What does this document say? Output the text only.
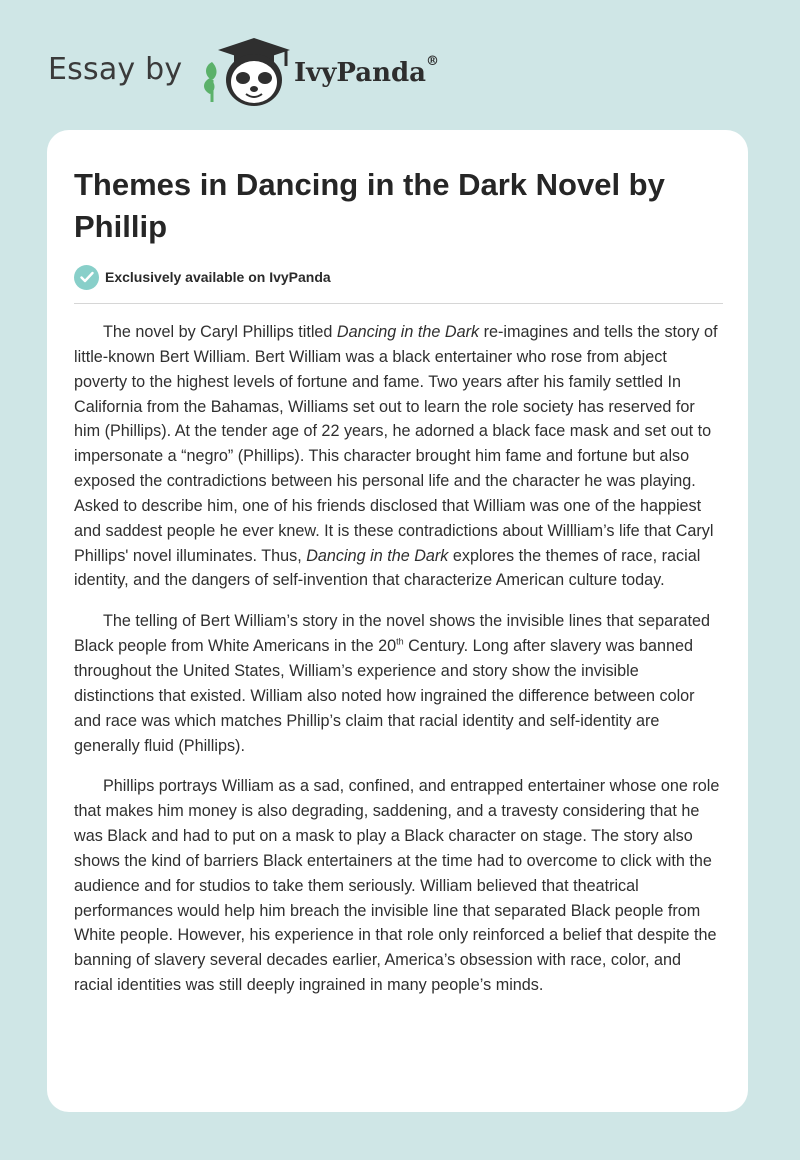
Essay by	IvyPanda®
Themes in Dancing in the Dark Novel by Phillip
Exclusively available on IvyPanda

The novel by Caryl Phillips titled Dancing in the Dark re-imagines and tells the story of little-known Bert William. Bert William was a black entertainer who rose from abject poverty to the highest levels of fortune and fame. Two years after his family settled In California from the Bahamas, Williams set out to learn the role society has reserved for him (Phillips). At the tender age of 22 years, he adorned a black face mask and set out to impersonate a “negro” (Phillips). This character brought him fame and fortune but also exposed the contradictions between his personal life and the character he was playing. Asked to describe him, one of his friends disclosed that William was one of the happiest and saddest people he ever knew. It is these contradictions about Willliam’s life that Caryl Phillips' novel illuminates. Thus, Dancing in the Dark explores the themes of race, racial identity, and the dangers of self-invention that characterize American culture today.

The telling of Bert William’s story in the novel shows the invisible lines that separated Black people from White Americans in the 20th Century. Long after slavery was banned throughout the United States, William’s experience and story show the invisible distinctions that existed. William also noted how ingrained the difference between color and race was which matches Phillip’s claim that racial identity and self-identity are generally fluid (Phillips).

Phillips portrays William as a sad, confined, and entrapped entertainer whose one role that makes him money is also degrading, saddening, and a travesty considering that he was Black and had to put on a mask to play a Black character on stage. The story also shows the kind of barriers Black entertainers at the time had to overcome to click with the audience and for studios to take them seriously. William believed that theatrical performances would help him breach the invisible line that separated Black people from White people. However, his experience in that role only reinforced a belief that despite the banning of slavery several decades earlier, America’s obsession with race, color, and racial identities was still deeply ingrained in many people’s minds.
